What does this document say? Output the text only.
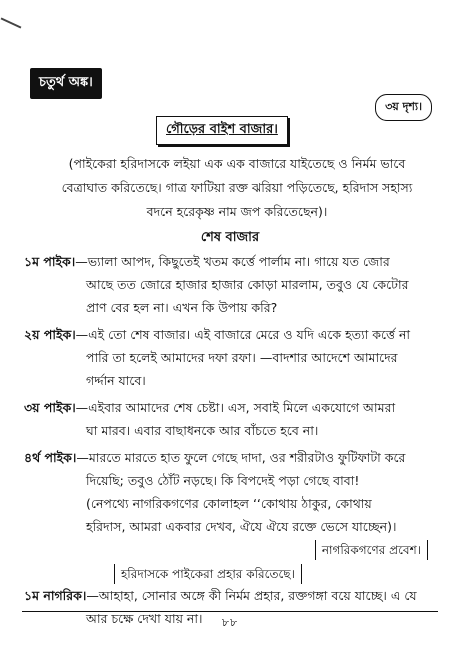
চতুর্থ অঙ্ক।
৩য় দৃশ্য।
গৌড়ের বাইশ বাজার।
(পাইকেরা হরিদাসকে লইয়া এক এক বাজারে যাইতেছে ও নির্মম ভাবে
বেত্রাঘাত করিতেছে। গাত্র ফাটিয়া রক্ত ঝরিয়া পড়িতেছে, হরিদাস সহাস্য
বদনে হরেকৃষ্ণ নাম জপ করিতেছেন)।
শেষ বাজার
১ম পাইক।—ভ্যালা আপদ, কিছুতেই খতম কর্ত্তে পার্লাম না। গায়ে যত জোর
আছে তত জোরে হাজার হাজার কোড়া মারলাম, তবুও যে কেটোর
প্রাণ বের হল না। এখন কি উপায় করি?
২য় পাইক।—এই তো শেষ বাজার। এই বাজারে মেরে ও যদি একে হত্যা কর্ত্তে না
পারি তা হলেই আমাদের দফা রফা। —বাদশার আদেশে আমাদের
গর্দ্দান যাবে।
৩য় পাইক।—এইবার আমাদের শেষ চেষ্টা। এস, সবাই মিলে একযোগে আমরা
ঘা মারব। এবার বাছাধনকে আর বাঁচতে হবে না।
৪র্থ পাইক।—মারতে মারতে হাত ফুলে গেছে দাদা, ওর শরীরটাও ফুটিফাটা করে
দিয়েছি; তবুও ঠোঁট নড়ছে। কি বিপদেই পড়া গেছে বাবা!
(নেপথ্যে নাগরিকগণের কোলাহল ‘‘কোথায় ঠাকুর, কোথায়
হরিদাস, আমরা একবার দেখব, ঐযে ঐযে রক্তে ভেসে যাচ্ছেন)।
নাগরিকগণের প্রবেশ।
হরিদাসকে পাইকেরা প্রহার করিতেছে।
১ম নাগরিক।—আহাহা, সোনার অঙ্গে কী নির্মম প্রহার, রক্তগঙ্গা বয়ে যাচ্ছে। এ যে
আর চক্ষে দেখা যায় না।	৮৮
